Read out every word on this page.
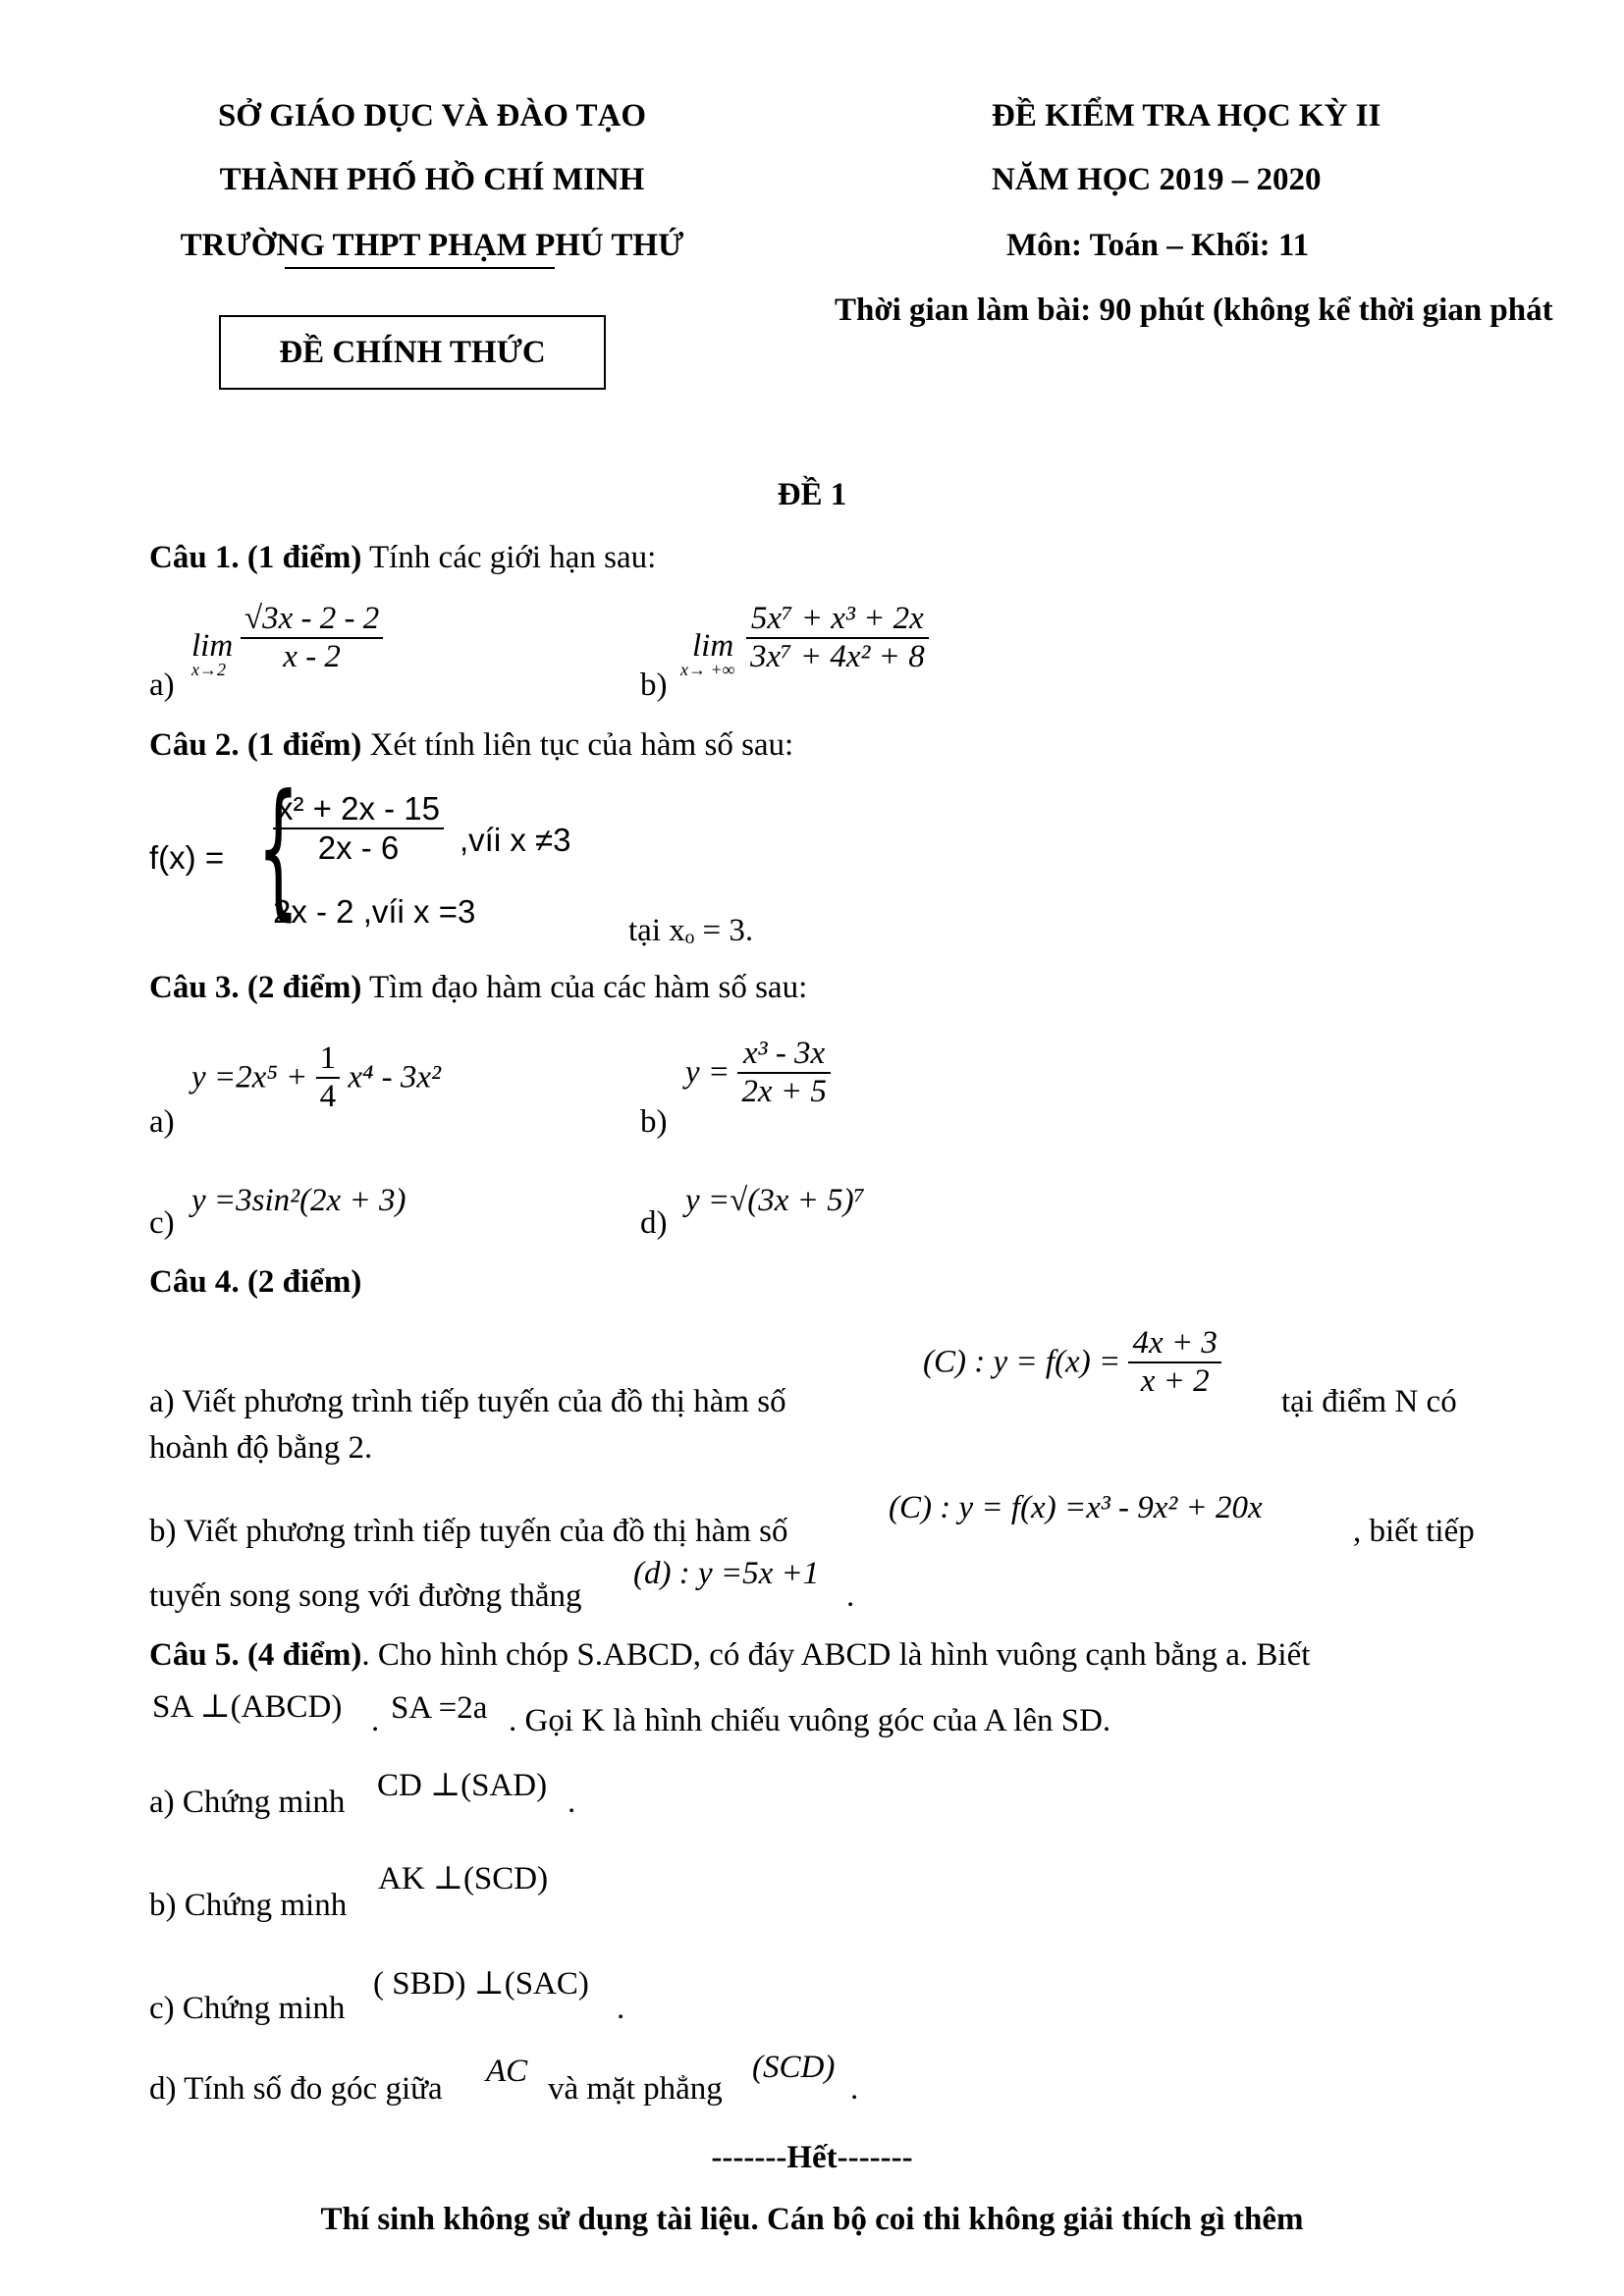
SỞ GIÁO DỤC VÀ ĐÀO TẠO
THÀNH PHỐ HỒ CHÍ MINH
TRƯỜNG THPT PHẠM PHÚ THỨ
ĐỀ KIỂM TRA HỌC KỲ II
NĂM HỌC 2019 – 2020
Môn: Toán – Khối: 11
Thời gian làm bài: 90 phút (không kể thời gian phát
ĐỀ CHÍNH THỨC
ĐỀ 1
Câu 1. (1 điểm) Tính các giới hạn sau:
a)
lim
$x\to 2 \frac{√3x - 2 - 2}{x - 2}$
b)
lim
x→ +∞ $\frac{\text{5x⁷ + x³ + 2x}}{\text{3x⁷ + 4x² + 8}}$
Câu 2. (1 điểm) Xét tính liên tục của hàm số sau:
f(x) = {
$\frac{\text{x² + 2x - 15}}{2x - 6}$ ,víi x ≠3
2x - 2 ,víi x =3
tại xₒ = 3.
Câu 3. (2 điểm) Tìm đạo hàm của các hàm số sau:
a)
$y =2x^5 + \frac{1}{4} x^4 - 3x^2$
b)
$y = \frac{\text{x³ - 3x}}{2x + 5}$
c)
y =3sin²(2x + 3)
d)
y =√(3x + 5)⁷
Câu 4. (2 điểm)
a) Viết phương trình tiếp tuyến của đồ thị hàm số
(C) : $y = f(x) = \frac{4x + 3}{x + 2}$
tại điểm N có
hoành độ bằng 2.
b) Viết phương trình tiếp tuyến của đồ thị hàm số
(C) : y = f(x) =x³ - 9x² + 20x
, biết tiếp
tuyến song song với đường thẳng
(d) : y =5x +1
.
Câu 5. (4 điểm). Cho hình chóp S.ABCD, có đáy ABCD là hình vuông cạnh bằng a. Biết
SA ⊥(ABCD) . SA =2a . Gọi K là hình chiếu vuông góc của A lên SD.
a) Chứng minh CD ⊥(SAD) .
b) Chứng minh
AK ⊥(SCD)
c) Chứng minh
( SBD) ⊥(SAC)
.
d) Tính số đo góc giữa AC và mặt phẳng
(SCD)
.
-------Hết-------
Thí sinh không sử dụng tài liệu. Cán bộ coi thi không giải thích gì thêm
